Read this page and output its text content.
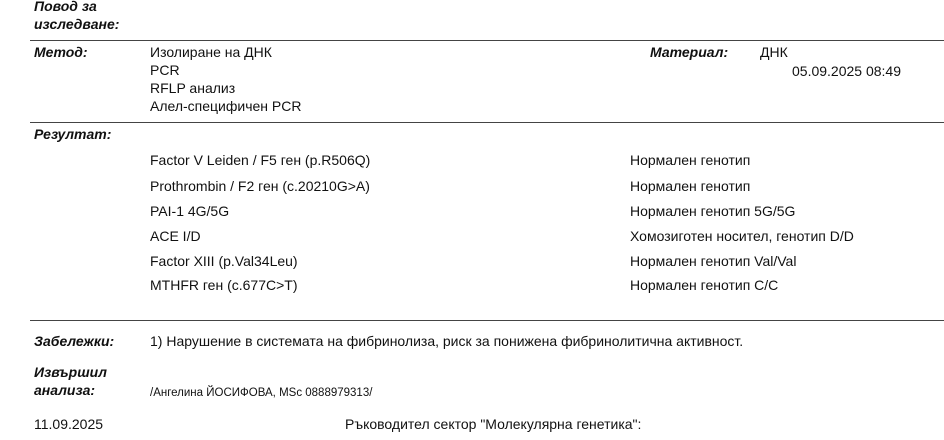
Повод за
изследване:
Метод:	Изолиране на ДНК
PCR
RFLP анализ
Алел-специфичен PCR
Материал: ДНК
05.09.2025 08:49
Резултат:
Factor V Leiden / F5 ген (p.R506Q)	Нормален генотип
Prothrombin / F2 ген (c.20210G>A)	Нормален генотип
PAI-1 4G/5G	Нормален генотип 5G/5G
ACE I/D	Хомозиготен носител, генотип D/D
Factor XIII (p.Val34Leu)	Нормален генотип Val/Val
MTHFR ген (c.677C>T)	Нормален генотип C/C
Забележки:	1) Нарушение в системата на фибринолиза, риск за понижена фибринолитична активност.
Извършил
анализа:	/Ангелина ЙОСИФОВА, MSc 0888979313/
11.09.2025	Ръководител сектор "Молекулярна генетика":
